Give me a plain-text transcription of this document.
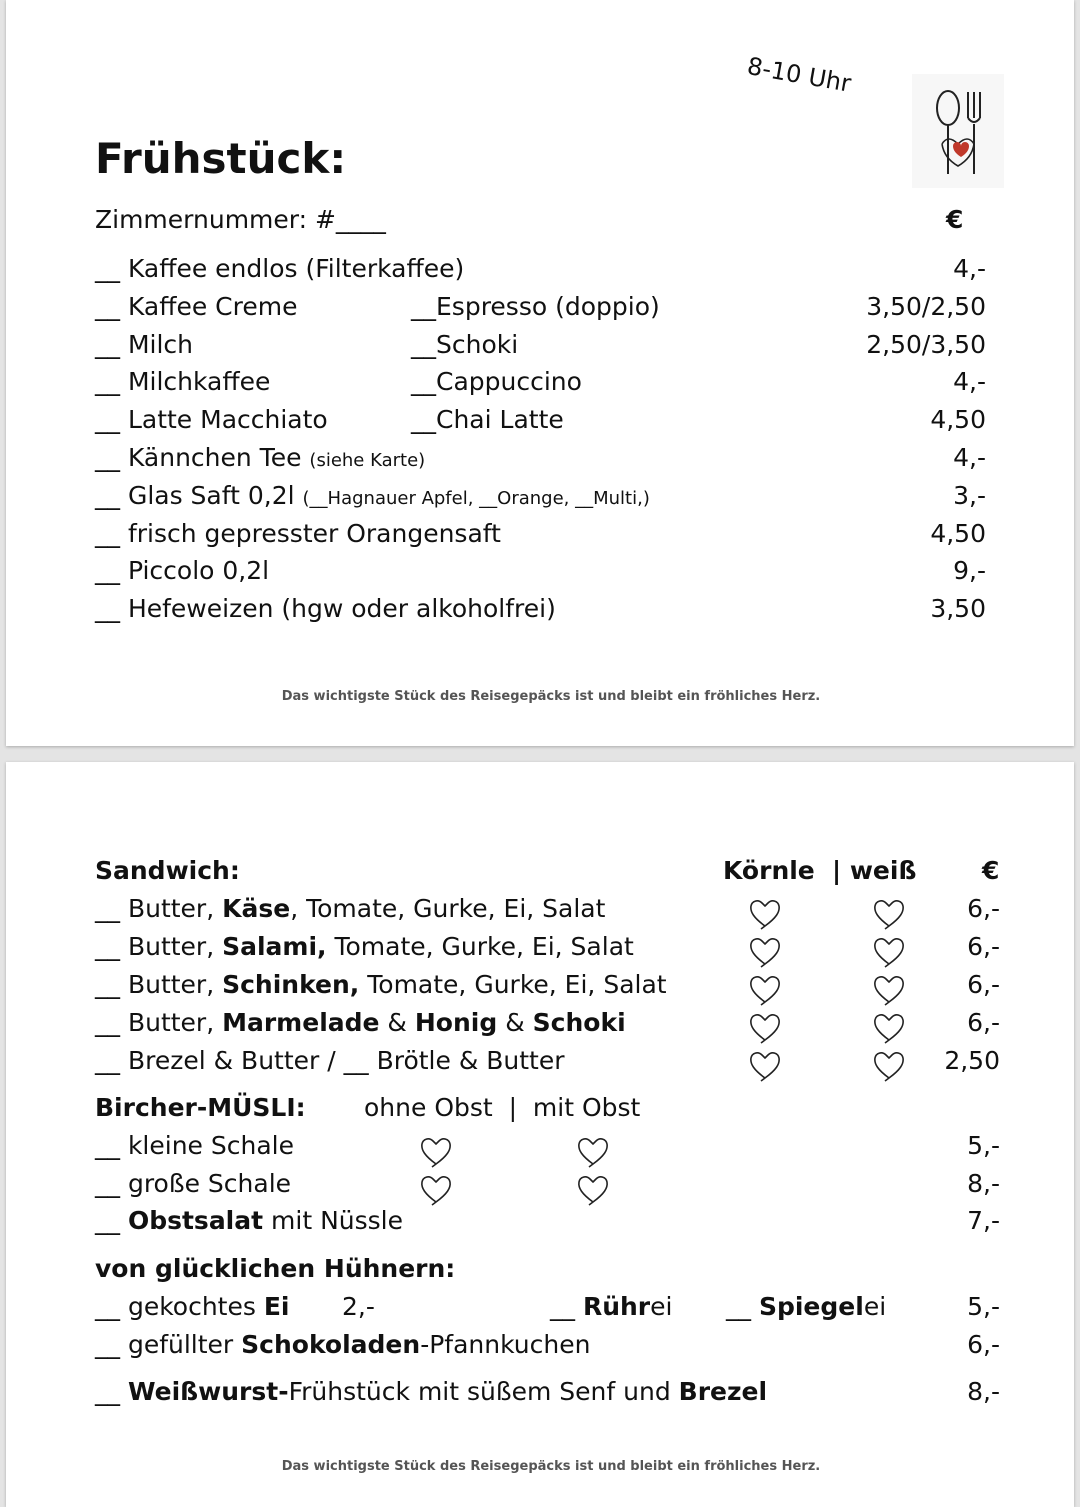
8-10 Uhr
Frühstück:
Zimmernummer: #____	€
__ Kaffee endlos (Filterkaffee)	4,-
__ Kaffee Creme	__Espresso (doppio)	3,50/2,50
__ Milch	__Schoki	2,50/3,50
__ Milchkaffee	__Cappuccino	4,-
__ Latte Macchiato	__Chai Latte	4,50
__ Kännchen Tee (siehe Karte)	4,-
__ Glas Saft 0,2l (__Hagnauer Apfel, __Orange, __Multi,)	3,-
__ frisch gepresster Orangensaft	4,50
__ Piccolo 0,2l	9,-
__ Hefeweizen (hgw oder alkoholfrei)	3,50
Das wichtigste Stück des Reisegepäcks ist und bleibt ein fröhliches Herz.
Sandwich:	Körnle | weiß	€
__ Butter, Käse, Tomate, Gurke, Ei, Salat	6,-
__ Butter, Salami, Tomate, Gurke, Ei, Salat	6,-
__ Butter, Schinken, Tomate, Gurke, Ei, Salat	6,-
__ Butter, Marmelade & Honig & Schoki	6,-
__ Brezel & Butter / __ Brötle & Butter	2,50
Bircher-MÜSLI: ohne Obst  |  mit Obst
__ kleine Schale	5,-
__ große Schale	8,-
__ Obstsalat mit Nüssle	7,-
von glücklichen Hühnern:
__ gekochtes Ei 2,-	__ Rührei __ Spiegelei	5,-
__ gefüllter Schokoladen-Pfannkuchen	6,-
__ Weißwurst-Frühstück mit süßem Senf und Brezel	8,-
Das wichtigste Stück des Reisegepäcks ist und bleibt ein fröhliches Herz.
